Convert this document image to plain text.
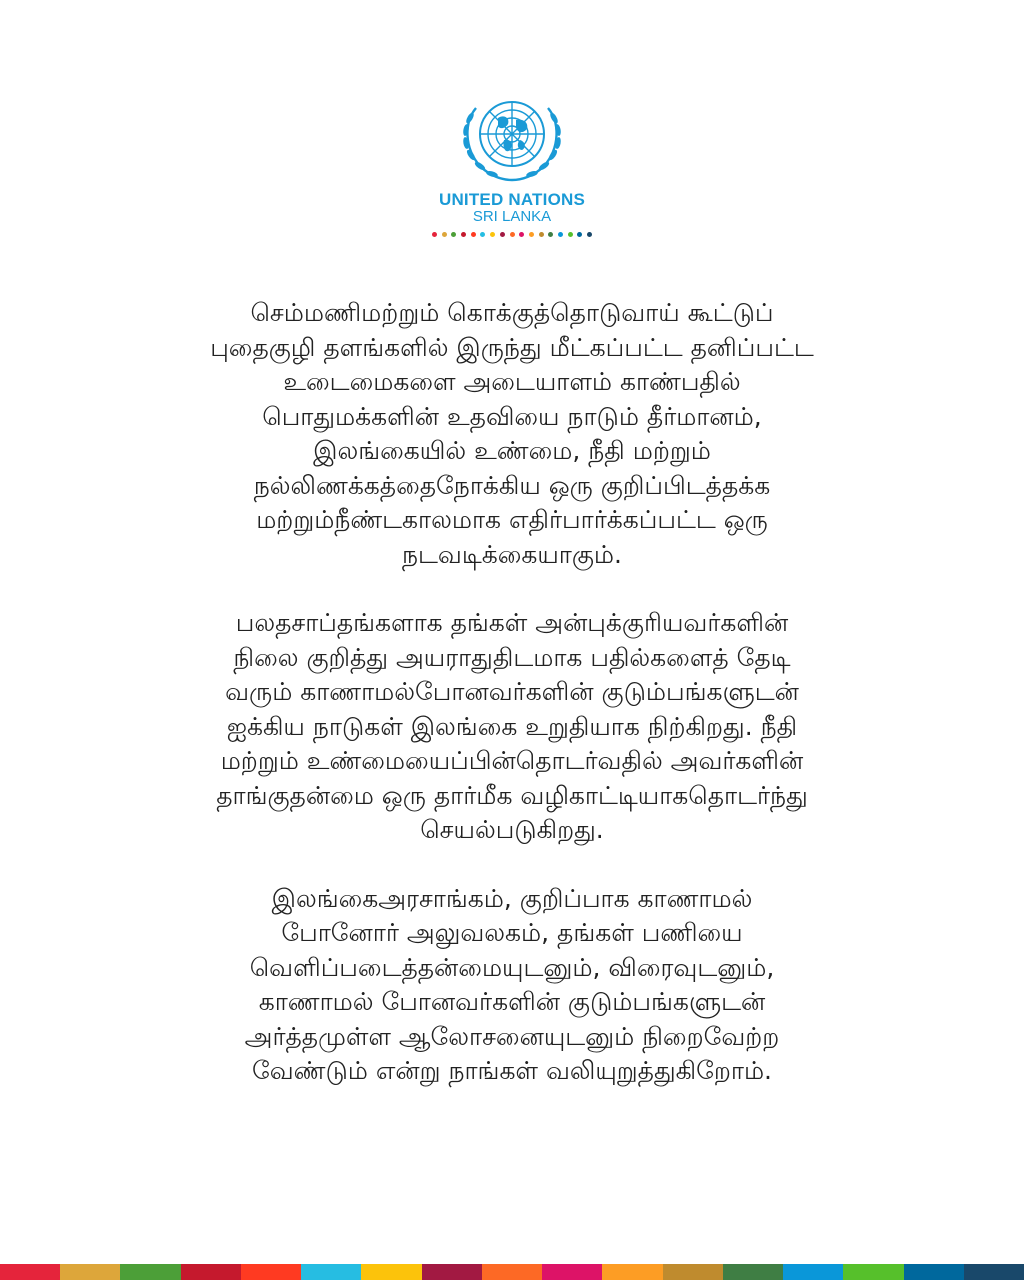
UNITED NATIONS
SRI LANKA
செம்மணிமற்றும் கொக்குத்தொடுவாய் கூட்டுப்
புதைகுழி தளங்களில் இருந்து மீட்கப்பட்ட தனிப்பட்ட
உடைமைகளை அடையாளம் காண்பதில்
பொதுமக்களின் உதவியை நாடும் தீர்மானம்,
இலங்கையில் உண்மை, நீதி மற்றும்
நல்லிணக்கத்தைநோக்கிய ஒரு குறிப்பிடத்தக்க
மற்றும்நீண்டகாலமாக எதிர்பார்க்கப்பட்ட ஒரு
நடவடிக்கையாகும்.
பலதசாப்தங்களாக தங்கள் அன்புக்குரியவர்களின்
நிலை குறித்து அயராதுதிடமாக பதில்களைத் தேடி
வரும் காணாமல்போனவர்களின் குடும்பங்களுடன்
ஐக்கிய நாடுகள் இலங்கை உறுதியாக நிற்கிறது. நீதி
மற்றும் உண்மையைப்பின்தொடர்வதில் அவர்களின்
தாங்குதன்மை ஒரு தார்மீக வழிகாட்டியாகதொடர்ந்து
செயல்படுகிறது.
இலங்கைஅரசாங்கம், குறிப்பாக காணாமல்
போனோர் அலுவலகம், தங்கள் பணியை
வெளிப்படைத்தன்மையுடனும், விரைவுடனும்,
காணாமல் போனவர்களின் குடும்பங்களுடன்
அர்த்தமுள்ள ஆலோசனையுடனும் நிறைவேற்ற
வேண்டும் என்று நாங்கள் வலியுறுத்துகிறோம்.
